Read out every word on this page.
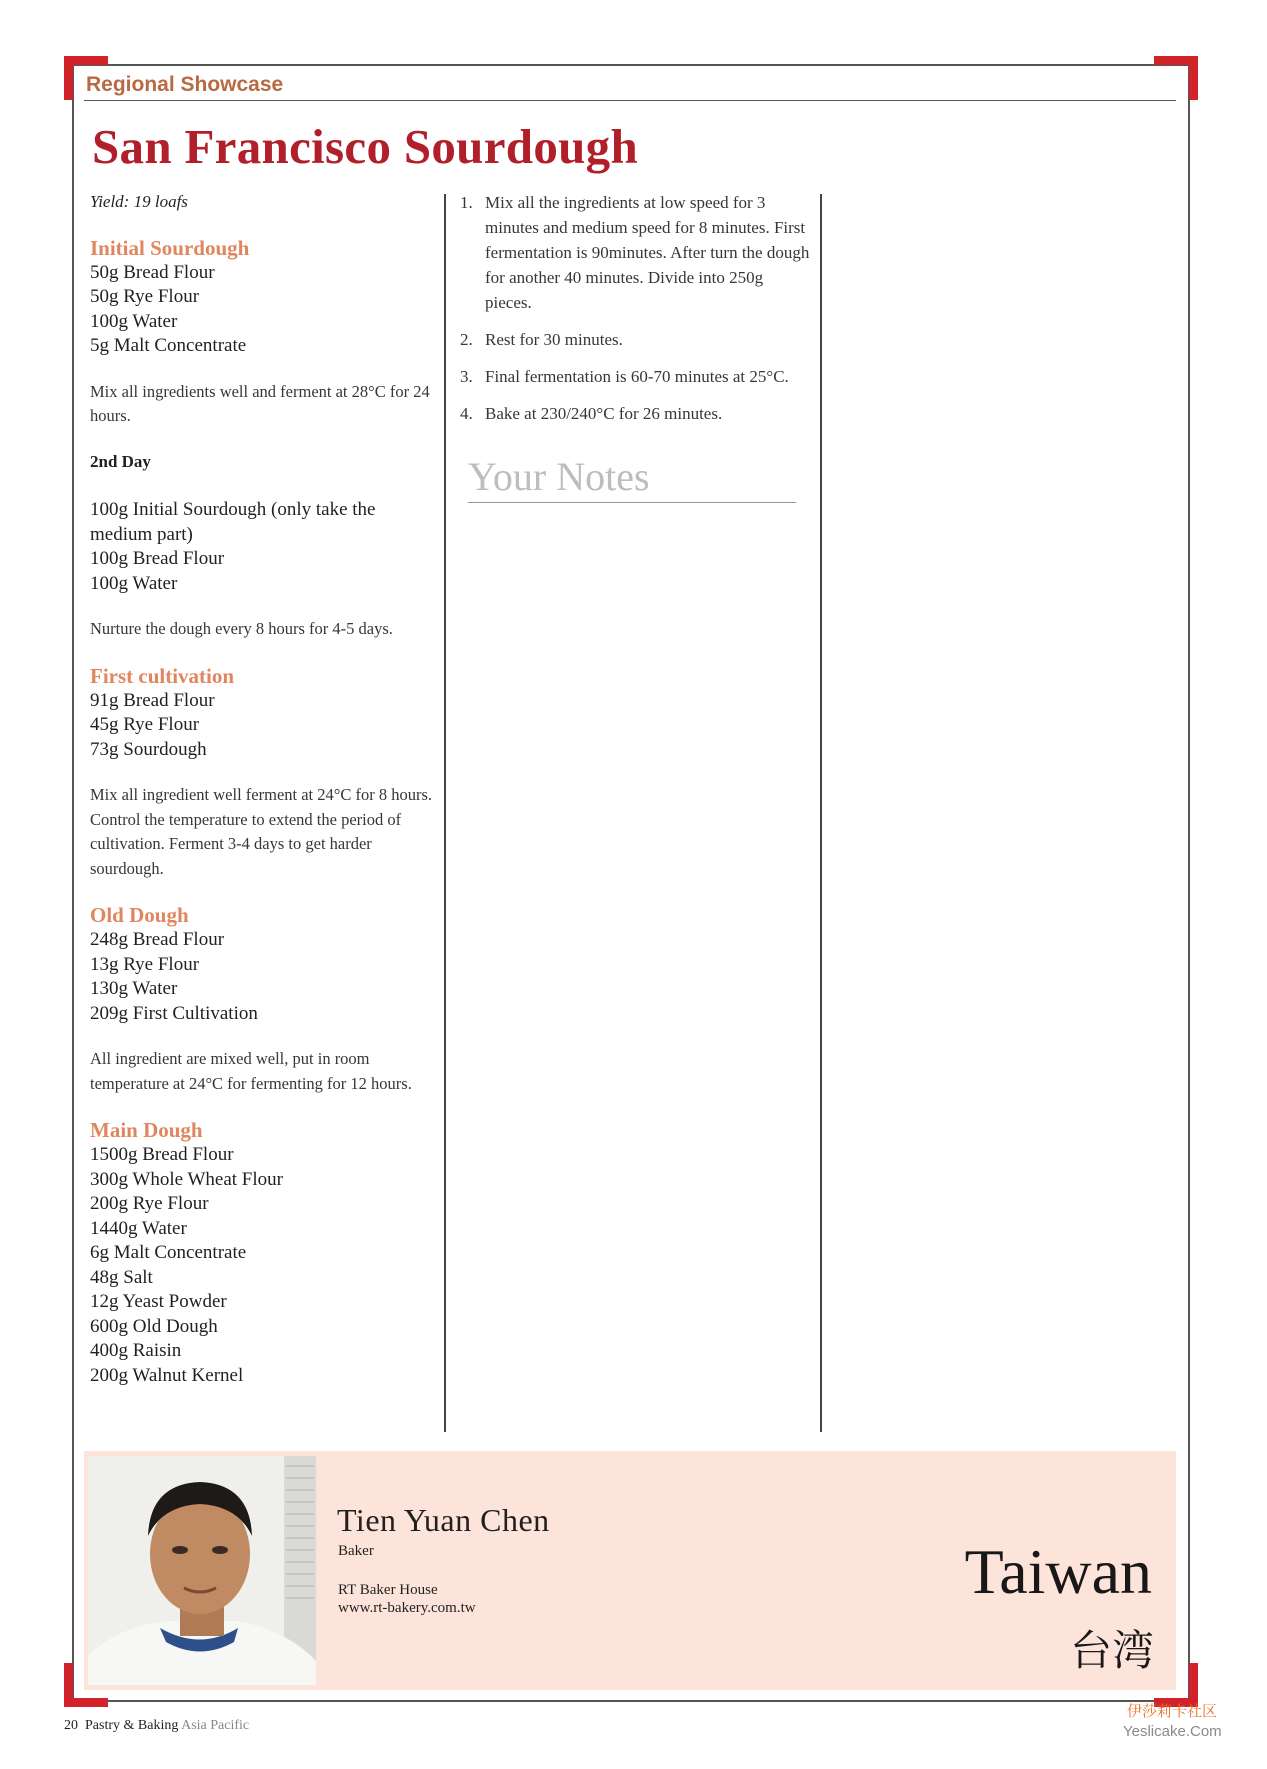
Regional Showcase
San Francisco Sourdough
Yield: 19 loafs
Initial Sourdough
50g Bread Flour
50g Rye Flour
100g Water
5g Malt Concentrate

Mix all ingredients well and ferment at 28°C for 24 hours.

2nd Day
100g Initial Sourdough (only take the medium part)
100g Bread Flour
100g Water

Nurture the dough every 8 hours for 4-5 days.

First cultivation
91g Bread Flour
45g Rye Flour
73g Sourdough

Mix all ingredient well ferment at 24°C for 8 hours. Control the temperature to extend the period of cultivation. Ferment 3-4 days to get harder sourdough.

Old Dough
248g Bread Flour
13g Rye Flour
130g Water
209g First Cultivation

All ingredient are mixed well, put in room temperature at 24°C for fermenting for 12 hours.

Main Dough
1500g Bread Flour
300g Whole Wheat Flour
200g Rye Flour
1440g Water
6g Malt Concentrate
48g Salt
12g Yeast Powder
600g Old Dough
400g Raisin
200g Walnut Kernel
1. Mix all the ingredients at low speed for 3 minutes and medium speed for 8 minutes. First fermentation is 90minutes. After turn the dough for another 40 minutes. Divide into 250g pieces.
2. Rest for 30 minutes.
3. Final fermentation is 60-70 minutes at 25°C.
4. Bake at 230/240°C for 26 minutes.
Your Notes
Tien Yuan Chen
Baker
RT Baker House
www.rt-bakery.com.tw
Taiwan
台湾
20 Pastry & Baking Asia Pacific
伊莎莉卡社区
Yeslicake.Com
